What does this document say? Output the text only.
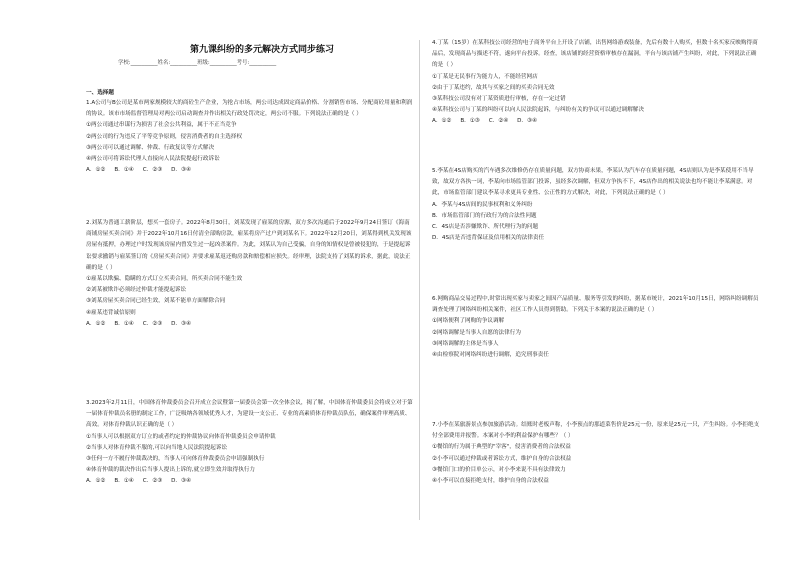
第九课纠纷的多元解决方式同步练习
学校:__________姓名:__________班级:__________考号:__________
一、选择题

1.A公司与B公司是某市两家规模较大的商砼生产企业，为抢占市场，两公司达成固定商品价格、分割销售市场、分配商砼用量和利润的协议。该市市场监督管理局对两公司启动调查并作出相关行政处罚决定，两公司不服。下列说法正确的是（ ）

①两公司通过串谋行为损害了社会公共利益，属于不正当竞争

②两公司的行为违反了平等竞争原则，侵害消费者的自主选择权

③两公司可以通过调解、仲裁、行政复议等方式解决

④两公司可将诉讼代理人直接向人民法院提起行政诉讼

A．①②     B．①④     C．②③     D．③④

2.刘某为普通工薪阶层，想买一套房子。2022年8月30日，刘某发现了雇某的房源，双方多次沟通后于2022年9月24日签订《海南商铺房屋买卖合同》并于2022年10月16日付清全部购房款，雇某将房产过户到刘某名下。2022年12月20日，刘某得到机关发现该房屋有抵押，办理过户时发现该房屋内曾发生过一起凶杀案件。为此，刘某认为自己受骗，自身的知情权是曾被侵犯的，于是提起诉讼要求撤销与雇某签订的《房屋买卖合同》并要求雇某返还购房款和赔偿相应损失。经审理，法院支持了刘某的诉求，据此，说法正确的是（ ）

①雇某以欺骗、隐瞒的方式订立买卖合同，所买卖合同不能生效

②刘某被欺诈必须经过仲裁才能提起诉讼

③刘某房屋买卖合同已经生效，刘某不能单方面解除合同

④雇某违背诚信原则

A．①②     B．①④     C．②③     D．③④

3.2023年2月11日，中国体育仲裁委员会召开成立会议暨第一届委员会第一次全体会议，揭了解，中国体育仲裁委员会将成立对于第一届体育仲裁员名册的制定工作，广泛吸纳各领域优秀人才，为建设一支公正、专业的高素质体育仲裁员队伍，确保案件审理高质、高效。对体育仲裁认识正确的是（ ）

①当事人可以根据双方订立的或者约定的仲裁协议向体育仲裁委员会申请仲裁

②当事人对体育仲裁不服的,可以向当地人民法院提起诉讼

③任何一方不履行仲裁裁决的，当事人可向体育仲裁委员会申请强制执行

④体育仲裁的裁决作出后当事人提出上诉的,就立即生效并取得执行力

A．①②     B．①④     C．②③     D．③④

4.丁某（15岁）在某科技公司经营的电子商务平台上开设了店铺，出售网络游戏装备，先后有数十人购买，但数十名买家反映购得商品后，发现商品与描述不符，遂向平台投诉。经查，该店铺的经营资格审核存在漏洞，平台与该店铺产生纠纷，对此，下列说法正确的是（ ）

①丁某是无民事行为能力人，不能经营网店

②由于丁某违约，故其与买家之间的买卖合同无效

③某科技公司没有对丁某资质进行审核，存在一定过错

④某科技公司与丁某的纠纷可以向人民法院起诉，与纠纷有关的争议可以通过调解解决

A．①②     B．①③     C．②④     D．③④

5.李某在4S店购买的汽车遇多次维修仍存在质量问题，双方协商未果，李某认为汽车存在质量问题，4S店则认为是李某使用不当导致，故双方各执一词，李某向市场监管部门投诉，虽经多次调解，但双方争执不下，4S店作出的相关说法也均不能让李某满意。对此，市场监管部门建议李某寻求更具专业性、公正性的方式解决，对此，下列说法正确的是（ ）

A．李某与4S店间的民事权利和义务纠纷

B．市场监管部门的行政行为的合法性问题

C．4S店是否涉嫌欺诈、所代理行为的问题

D．4S店是否违背保证及信用相关的法律责任

6.网购商品交易过程中,时常出现买家与卖家之间因产品质量、服务等引发的纠纷，据某市统计，2021年10月15日，网络纠纷调解员调查处理了网络纠纷相关案件，社区工作人员得到帮助。下列关于本案的说法正确的是（ ）

①网络便利了网购的争议调解

②网络调解是当事人自愿的法律行为

③网络调解的主体是当事人

④由检察院对网络纠纷进行调解，追究刑事责任

7.小李在某旅游景点参加旅游活动。结账时老板声称，小李预点的那道菜售价是25元一份，原来是25元一只，产生纠纷。小李拒绝支付全部费用并报警。本案对小李的利益保护有哪些？（ ）

①餐馆的行为属于典型的"宰客"，侵害消费者的合法权益

②小李可以通过仲裁或者诉讼方式，维护自身的合法权益

③餐馆门口的价目单公示，对小李来说不具有法律效力

④小李可以直接拒绝支付，维护自身的合法权益
